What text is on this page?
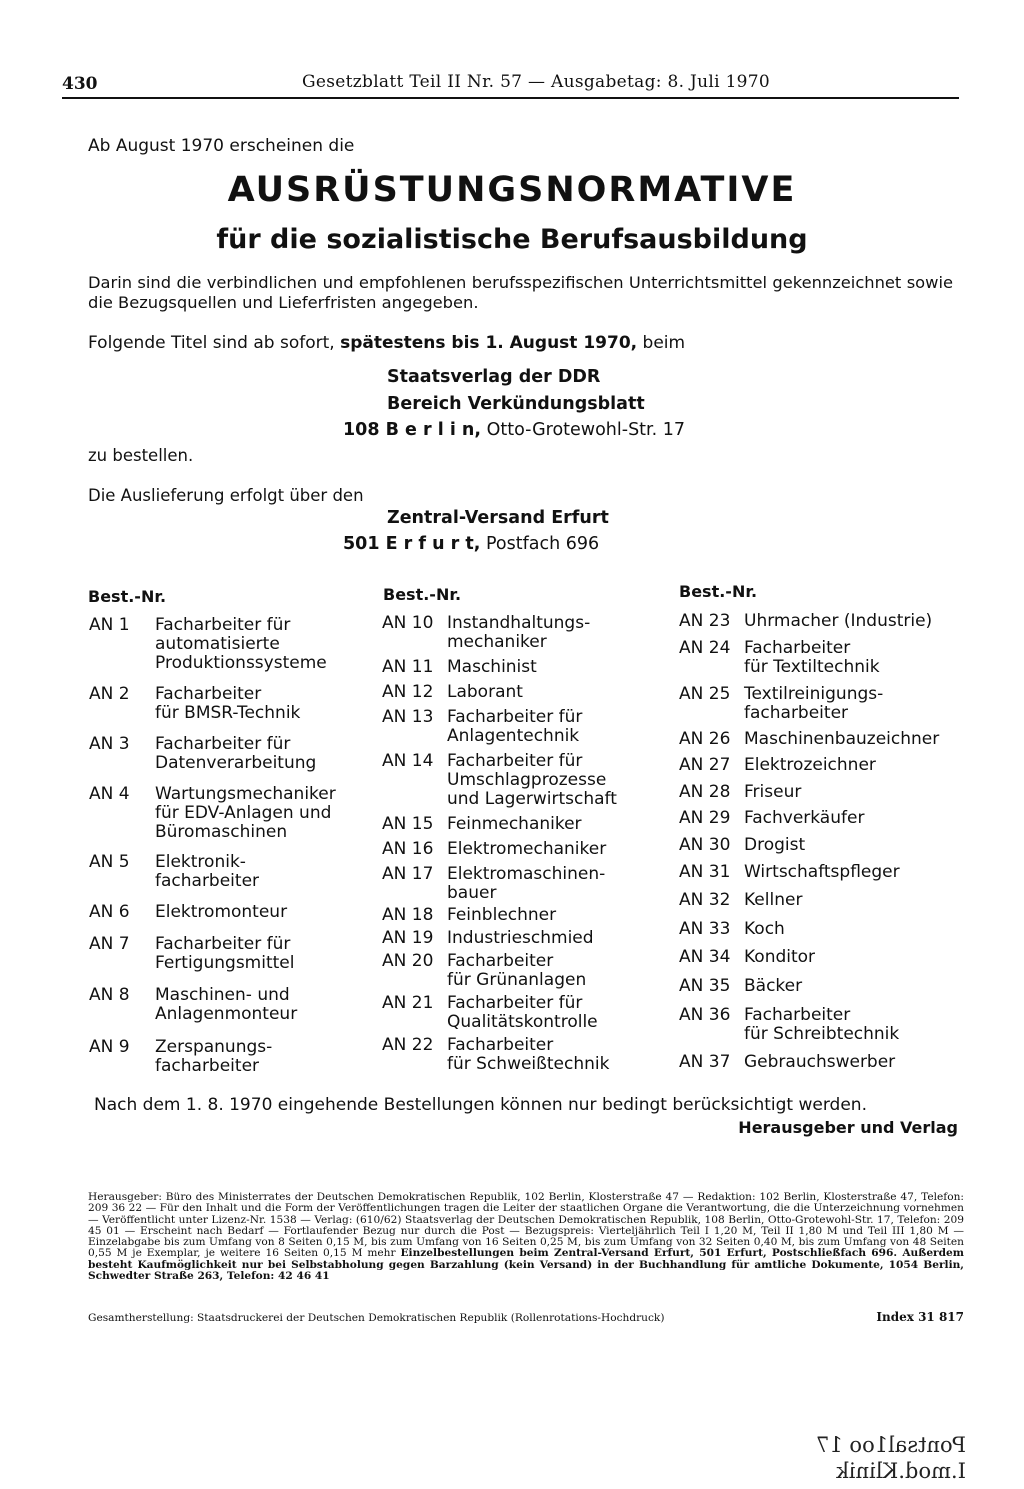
430	Gesetzblatt Teil II Nr. 57 — Ausgabetag: 8. Juli 1970
Ab August 1970 erscheinen die
AUSRÜSTUNGSNORMATIVE
für die sozialistische Berufsausbildung
Darin sind die verbindlichen und empfohlenen berufsspezifischen Unterrichtsmittel gekennzeichnet sowie die Bezugsquellen und Lieferfristen angegeben.
Folgende Titel sind ab sofort, spätestens bis 1. August 1970, beim
Staatsverlag der DDR
Bereich Verkündungsblatt
108 B e r l i n, Otto-Grotewohl-Str. 17
zu bestellen.
Die Auslieferung erfolgt über den
Zentral-Versand Erfurt
501 E r f u r t, Postfach 696
Best.-Nr.	Best.-Nr.	Best.-Nr.
AN 1 Facharbeiter für
automatisierte
Produktionssysteme
AN 2 Facharbeiter
für BMSR-Technik
AN 3 Facharbeiter für
Datenverarbeitung
AN 4 Wartungsmechaniker
für EDV-Anlagen und
Büromaschinen
AN 5 Elektronik-
facharbeiter
AN 6 Elektromonteur
AN 7 Facharbeiter für
Fertigungsmittel
AN 8 Maschinen- und
Anlagenmonteur
AN 9 Zerspanungs-
facharbeiter
AN 10 Instandhaltungs-
mechaniker
AN 11 Maschinist
AN 12 Laborant
AN 13 Facharbeiter für
Anlagentechnik
AN 14 Facharbeiter für
Umschlagprozesse
und Lagerwirtschaft
AN 15 Feinmechaniker
AN 16 Elektromechaniker
AN 17 Elektromaschinen-
bauer
AN 18 Feinblechner
AN 19 Industrieschmied
AN 20 Facharbeiter
für Grünanlagen
AN 21 Facharbeiter für
Qualitätskontrolle
AN 22 Facharbeiter
für Schweißtechnik
AN 23 Uhrmacher (Industrie)
AN 24 Facharbeiter
für Textiltechnik
AN 25 Textilreinigungs-
facharbeiter
AN 26 Maschinenbauzeichner
AN 27 Elektrozeichner
AN 28 Friseur
AN 29 Fachverkäufer
AN 30 Drogist
AN 31 Wirtschaftspfleger
AN 32 Kellner
AN 33 Koch
AN 34 Konditor
AN 35 Bäcker
AN 36 Facharbeiter
für Schreibtechnik
AN 37 Gebrauchswerber
Nach dem 1. 8. 1970 eingehende Bestellungen können nur bedingt berücksichtigt werden.
Herausgeber und Verlag
Herausgeber: Büro des Ministerrates der Deutschen Demokratischen Republik, 102 Berlin, Klosterstraße 47 — Redaktion: 102 Berlin, Klosterstraße 47, Telefon: 209 36 22 — Für den Inhalt und die Form der Veröffentlichungen tragen die Leiter der staatlichen Organe die Verantwortung, die die Unterzeichnung vornehmen — Veröffentlicht unter Lizenz-Nr. 1538 — Verlag: (610/62) Staatsverlag der Deutschen Demokratischen Republik, 108 Berlin, Otto-Grotewohl-Str. 17, Telefon: 209 45 01 — Erscheint nach Bedarf — Fortlaufender Bezug nur durch die Post — Bezugspreis: Vierteljährlich Teil I 1,20 M, Teil II 1,80 M und Teil III 1,80 M — Einzelabgabe bis zum Umfang von 8 Seiten 0,15 M, bis zum Umfang von 16 Seiten 0,25 M, bis zum Umfang von 32 Seiten 0,40 M, bis zum Umfang von 48 Seiten 0,55 M je Exemplar, je weitere 16 Seiten 0,15 M mehr Einzelbestellungen beim Zentral-Versand Erfurt, 501 Erfurt, Postschließfach 696. Außerdem besteht Kaufmöglichkeit nur bei Selbstabholung gegen Barzahlung (kein Versand) in der Buchhandlung für amtliche Dokumente, 1054 Berlin, Schwedter Straße 263, Telefon: 42 46 41
Gesamtherstellung: Staatsdruckerei der Deutschen Demokratischen Republik (Rollenrotations-Hochdruck)	Index 31 817
Pontsal1oo 17
I.mod.Klinik
